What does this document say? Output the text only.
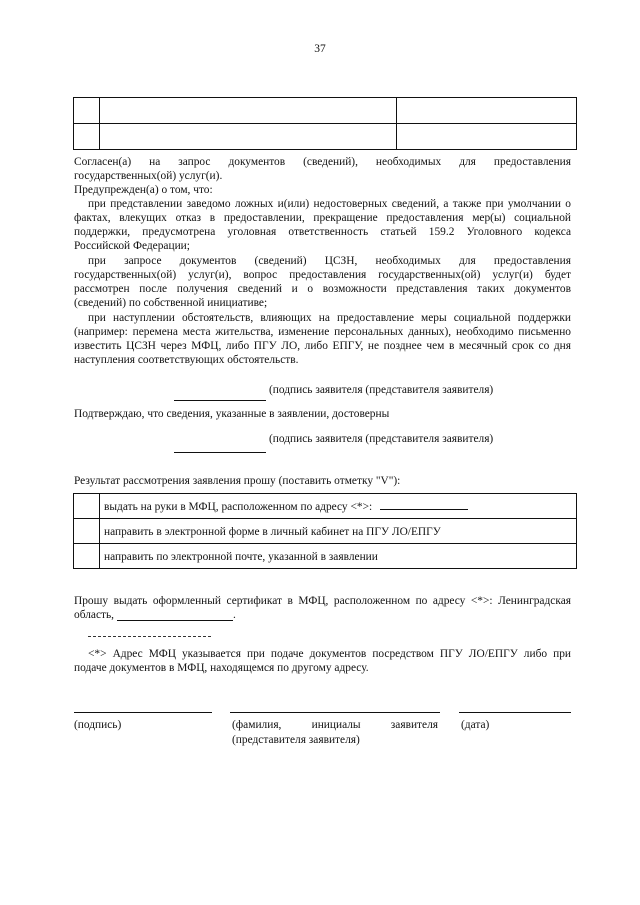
37

Согласен(а) на запрос документов (сведений), необходимых для предоставления
государственных(ой) услуг(и).
Предупрежден(а) о том, что:
при представлении заведомо ложных и(или) недостоверных сведений, а также при умолчании о
фактах, влекущих отказ в предоставлении, прекращение предоставления мер(ы) социальной
поддержки, предусмотрена уголовная ответственность статьей 159.2 Уголовного кодекса
Российской Федерации;
при запросе документов (сведений) ЦСЗН, необходимых для предоставления
государственных(ой) услуг(и), вопрос предоставления государственных(ой) услуг(и) будет
рассмотрен после получения сведений и о возможности представления таких документов
(сведений) по собственной инициативе;
при наступлении обстоятельств, влияющих на предоставление меры социальной поддержки
(например: перемена места жительства, изменение персональных данных), необходимо письменно
известить ЦСЗН через МФЦ, либо ПГУ ЛО, либо ЕПГУ, не позднее чем в месячный срок со дня
наступления соответствующих обстоятельств.
(подпись заявителя (представителя заявителя)
Подтверждаю, что сведения, указанные в заявлении, достоверны
(подпись заявителя (представителя заявителя)
Результат рассмотрения заявления прошу (поставить отметку "V"):
	выдать на руки в МФЦ, расположенном по адресу <*>:
	направить в электронной форме в личный кабинет на ПГУ ЛО/ЕПГУ
	направить по электронной почте, указанной в заявлении
Прошу выдать оформленный сертификат в МФЦ, расположенном по адресу <*>: Ленинградская
область,	.
<*> Адрес МФЦ указывается при подаче документов посредством ПГУ ЛО/ЕПГУ либо при
подаче документов в МФЦ, находящемся по другому адресу.
(подпись)	(фамилия, инициалы заявителя
(представителя заявителя)
(дата)
